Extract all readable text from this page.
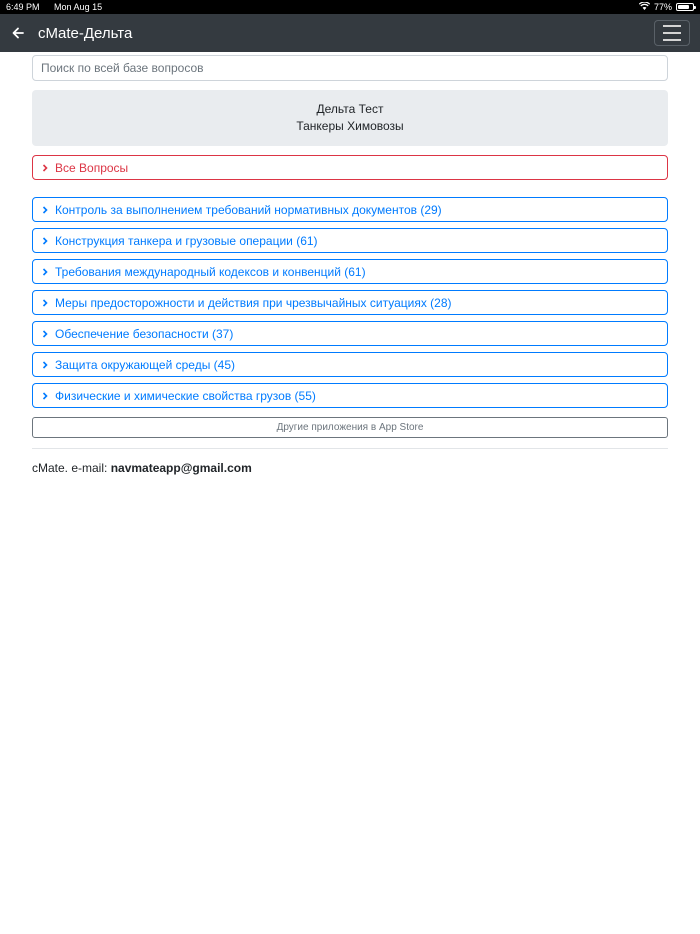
6:49 PM Mon Aug 15	77%
cMate-Дельта
Поиск по всей базе вопросов
Дельта Тест
Танкеры Химовозы
Все Вопросы
Контроль за выполнением требований нормативных документов (29)
Конструкция танкера и грузовые операции (61)
Требования международный кодексов и конвенций (61)
Меры предосторожности и действия при чрезвычайных ситуациях (28)
Обеспечение безопасности (37)
Защита окружающей среды (45)
Физические и химические свойства грузов (55)
Другие приложения в App Store
cMate. e-mail: navmateapp@gmail.com
